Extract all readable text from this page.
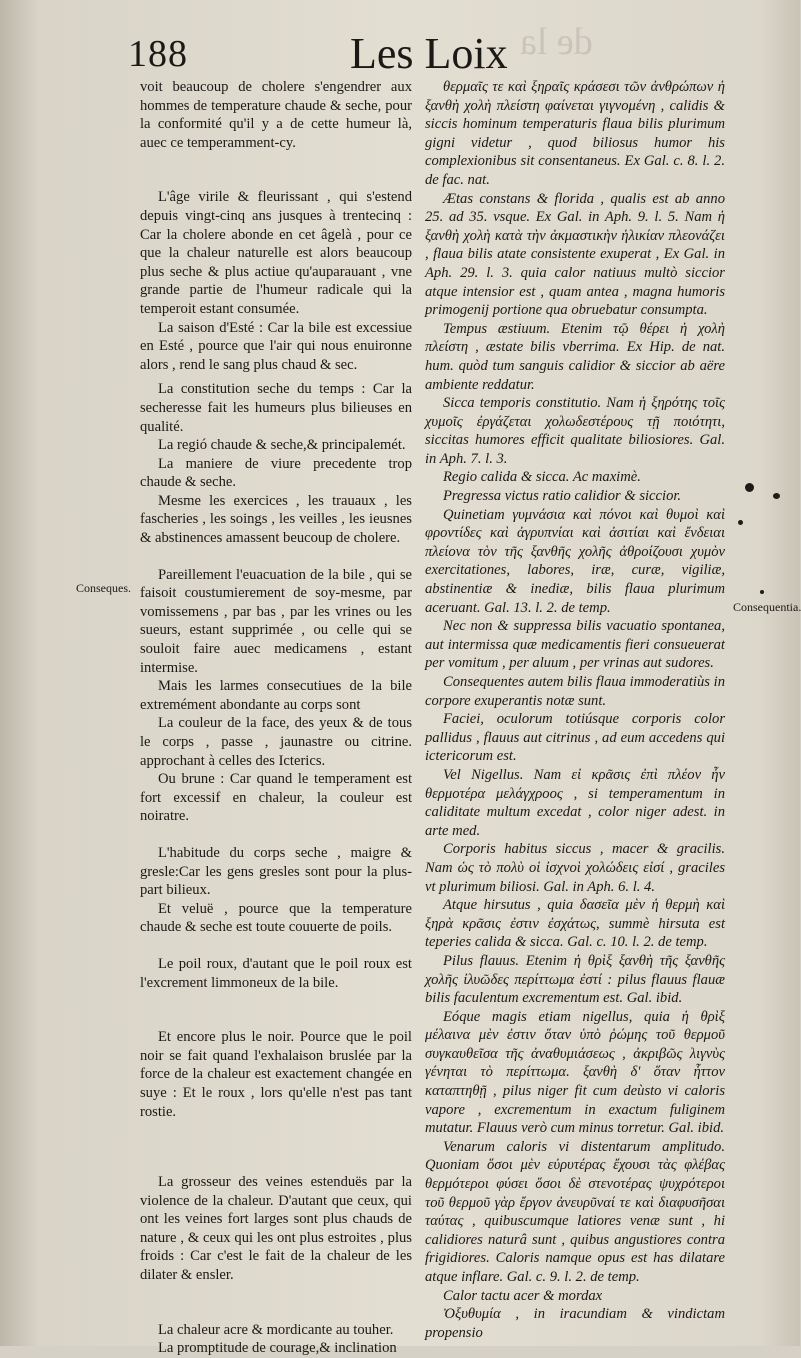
de la
188	Les Loix

voit beaucoup de cholere s'engendrer aux hommes de temperature chaude & seche, pour la conformité qu'il y a de cette humeur là, auec ce temperamment-cy.

L'âge virile & fleurissant , qui s'estend depuis vingt-cinq ans jusques à trentecinq : Car la cholere abonde en cet âgelà , pour ce que la chaleur naturelle est alors beaucoup plus seche & plus actiue qu'auparauant , vne grande partie de l'humeur radicale qui la temperoit estant consumée.

La saison d'Esté : Car la bile est excessiue en Esté , pource que l'air qui nous enuironne alors , rend le sang plus chaud & sec.

La constitution seche du temps : Car la secheresse fait les humeurs plus bilieuses en qualité.

La regió chaude & seche,& principalemét.

La maniere de viure precedente trop chaude & seche.

Mesme les exercices , les trauaux , les fascheries , les soings , les veilles , les ieusnes & abstinences amassent beucoup de cholere.

Pareillement l'euacuation de la bile , qui se faisoit coustumierement de soy-mesme, par vomissemens , par bas , par les vrines ou les sueurs, estant supprimée , ou celle qui se souloit faire auec medicamens , estant intermise.

Mais les larmes consecutiues de la bile extremément abondante au corps sont

La couleur de la face, des yeux & de tous le corps , passe , jaunastre ou citrine. approchant à celles des Icterics.

Ou brune : Car quand le temperament est fort excessif en chaleur, la couleur est noiratre.

L'habitude du corps seche , maigre & gresle:Car les gens gresles sont pour la plus-part bilieux.

Et veluë , pource que la temperature chaude & seche est toute couuerte de poils.

Le poil roux, d'autant que le poil roux est l'excrement limmoneux de la bile.

Et encore plus le noir. Pource que le poil noir se fait quand l'exhalaison bruslée par la force de la chaleur est exactement changée en suye : Et le roux , lors qu'elle n'est pas tant rostie.

La grosseur des veines estenduës par la violence de la chaleur. D'autant que ceux, qui ont les veines fort larges sont plus chauds de nature , & ceux qui les ont plus estroites , plus froids : Car c'est le fait de la chaleur de les dilater & ensler.

La chaleur acre & mordicante au touher.

La promptitude de courage,& inclination

θερμαῖς τε καὶ ξηραῖς κράσεσι τῶν ἀνθρώπων ἡ ξανθὴ χολὴ πλείστη φαίνεται γιγνομένη , calidis & siccis hominum temperaturis flaua bilis plurimum gigni videtur , quod biliosus humor his complexionibus sit consentaneus. Ex Gal. c. 8. l. 2. de fac. nat.

Ætas constans & florida , qualis est ab anno 25. ad 35. vsque. Ex Gal. in Aph. 9. l. 5. Nam ἡ ξανθὴ χολὴ κατὰ τὴν ἀκμαστικὴν ἡλικίαν πλεονάζει , flaua bilis atate consistente exuperat , Ex Gal. in Aph. 29. l. 3. quia calor natiuus multò siccior atque intensior est , quam antea , magna humoris primogenij portione qua obruebatur consumpta.

Tempus æstiuum. Etenim τῷ θέρει ἡ χολὴ πλείστη , æstate bilis vberrima. Ex Hip. de nat. hum. quòd tum sanguis calidior & siccior ab aëre ambiente reddatur.

Sicca temporis constitutio. Nam ἡ ξηρότης τοῖς χυμοῖς ἐργάζεται χολωδεστέρους τῇ ποιότητι, siccitas humores efficit qualitate biliosiores. Gal. in Aph. 7. l. 3.

Regio calida & sicca. Ac maximè.

Pregressa victus ratio calidior & siccior.

Quinetiam γυμνάσια καὶ πόνοι καὶ θυμοὶ καὶ φροντίδες καὶ ἀγρυπνίαι καὶ ἀσιτίαι καὶ ἔνδειαι πλείονα τὸν τῆς ξανθῆς χολῆς ἀθροίζουσι χυμὸν exercitationes, labores, iræ, curæ, vigiliæ, abstinentiæ & inediæ, bilis flaua plurimum aceruant. Gal. 13. l. 2. de temp.

Nec non & suppressa bilis vacuatio spontanea, aut intermissa quæ medicamentis fieri consueuerat per vomitum , per aluum , per vrinas aut sudores.

Consequentes autem bilis flaua immoderatiùs in corpore exuperantis notæ sunt.

Faciei, oculorum totiúsque corporis color pallidus , flauus aut citrinus , ad eum accedens qui ictericorum est.

Vel Nigellus. Nam εἰ κρᾶσις ἐπὶ πλέον ἦν θερμοτέρα μελάγχροος , si temperamentum in caliditate multum excedat , color niger adest. in arte med.

Corporis habitus siccus , macer & gracilis. Nam ὡς τὸ πολὺ οἱ ἰσχνοὶ χολώδεις εἰσί , graciles vt plurimum biliosi. Gal. in Aph. 6. l. 4.

Atque hirsutus , quia δασεῖα μὲν ἡ θερμὴ καὶ ξηρὰ κρᾶσις ἐστιν ἐσχάτως, summè hirsuta est teperies calida & sicca. Gal. c. 10. l. 2. de temp.

Pilus flauus. Etenim ἡ θρὶξ ξανθὴ τῆς ξανθῆς χολῆς ἰλυῶδες περίττωμα ἐστί : pilus flauus flauæ bilis faculentum excrementum est. Gal. ibid.

Eóque magis etiam nigellus, quia ἡ θρὶξ μέλαινα μὲν ἐστιν ὅταν ὑπὸ ῥώμης τοῦ θερμοῦ συγκαυθεῖσα τῆς ἀναθυμιάσεως , ἀκριβῶς λιγνὺς γένηται τὸ περίττωμα. ξανθὴ δ' ὅταν ἧττον καταπτηθῇ , pilus niger fit cum deùsto vi caloris vapore , excrementum in exactum fuliginem mutatur. Flauus verò cum minus torretur. Gal. ibid.

Venarum caloris vi distentarum amplitudo. Quoniam ὅσοι μὲν εὐρυτέρας ἔχουσι τὰς φλέβας θερμότεροι φύσει ὅσοι δὲ στενοτέρας ψυχρότεροι τοῦ θερμοῦ γὰρ ἔργον ἀνευρῦναί τε καὶ διαφυσῆσαι ταύτας , quibuscumque latiores venæ sunt , hi calidiores naturâ sunt , quibus angustiores contra frigidiores. Caloris namque opus est has dilatare atque inflare. Gal. c. 9. l. 2. de temp.

Calor tactu acer & mordax

Ὀξυθυμία , in iracundiam & vindictam propensio

Conseques.
Consequentia.
